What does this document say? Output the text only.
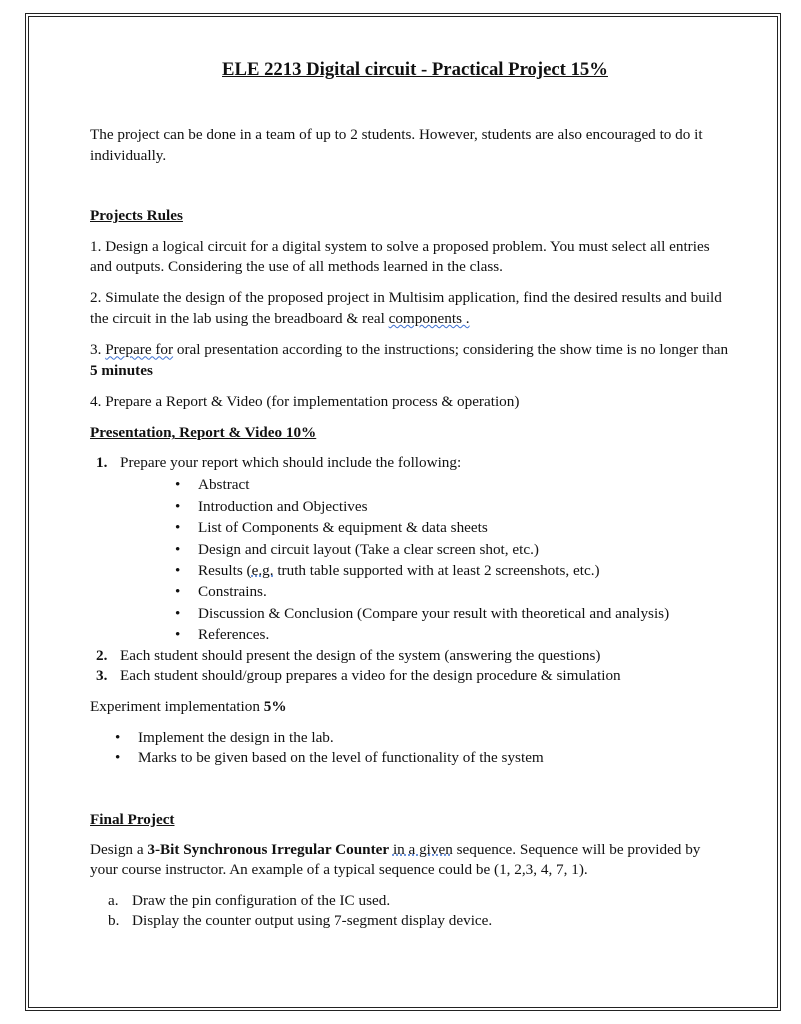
ELE 2213 Digital circuit - Practical Project 15%

The project can be done in a team of up to 2 students. However, students are also encouraged to do it individually.

Projects Rules

1. Design a logical circuit for a digital system to solve a proposed problem. You must select all entries and outputs. Considering the use of all methods learned in the class.

2. Simulate the design of the proposed project in Multisim application, find the desired results and build the circuit in the lab using the breadboard & real components .

3. Prepare for oral presentation according to the instructions; considering the show time is no longer than 5 minutes

4. Prepare a Report & Video (for implementation process & operation)

Presentation, Report & Video 10%

1. Prepare your report which should include the following:
• Abstract
• Introduction and Objectives
• List of Components & equipment & data sheets
• Design and circuit layout (Take a clear screen shot, etc.)
• Results (e.g. truth table supported with at least 2 screenshots, etc.)
• Constrains.
• Discussion & Conclusion (Compare your result with theoretical and analysis)
• References.
2. Each student should present the design of the system (answering the questions)
3. Each student should/group prepares a video for the design procedure & simulation

Experiment implementation 5%

• Implement the design in the lab.
• Marks to be given based on the level of functionality of the system

Final Project

Design a 3-Bit Synchronous Irregular Counter in a given sequence. Sequence will be provided by your course instructor. An example of a typical sequence could be (1, 2,3, 4, 7, 1).

a. Draw the pin configuration of the IC used.
b. Display the counter output using 7-segment display device.
